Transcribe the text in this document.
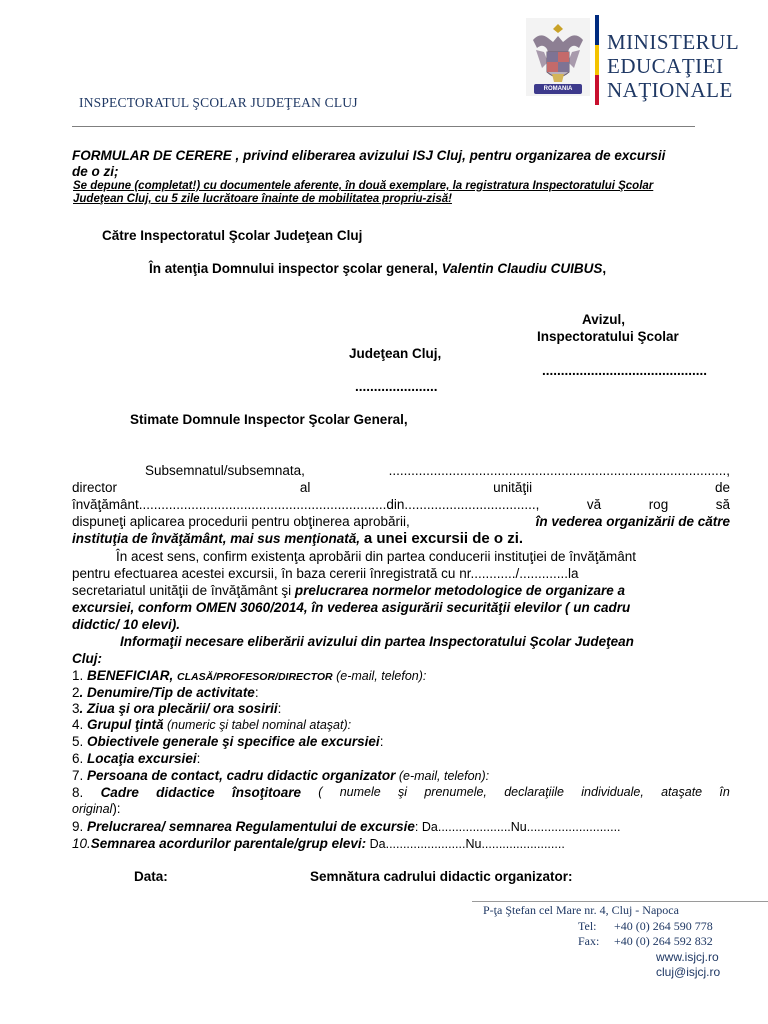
INSPECTORATUL ŞCOLAR JUDEŢEAN CLUJ
ROMANIA
MINISTERUL
EDUCAŢIEI
NAŢIONALE
FORMULAR DE CERERE , privind eliberarea avizului ISJ Cluj, pentru organizarea de excursii
de o zi;
Se depune (completat!) cu documentele aferente, în două exemplare, la registratura Inspectoratului Şcolar
Judeţean Cluj, cu 5 zile lucrătoare înainte de mobilitatea propriu-zisă!
Către Inspectoratul Şcolar Judeţean Cluj
În atenţia Domnului inspector şcolar general, Valentin Claudiu CUIBUS,
Avizul,
Inspectoratului Şcolar
Judeţean Cluj,
............................................
......................
Stimate Domnule Inspector Şcolar General,
Subsemnatul/subsemnata,	..........................................................................................,
director	al	unităţii	de
învăţământ..................................................................din...................................,	vă	rog	să
dispuneţi aplicarea procedurii pentru obţinerea aprobării,	în vederea organizării de către
instituţia de învăţământ, mai sus menţionată, a unei excursii de o zi.
În acest sens, confirm existenţa aprobării din partea conducerii instituţiei de învăţământ
pentru efectuarea acestei excursii, în baza cererii înregistrată cu nr............/.............la
secretariatul unităţii de învăţământ şi prelucrarea normelor metodologice de organizare a
excursiei, conform OMEN 3060/2014, în vederea asigurării securităţii elevilor ( un cadru
didctic/ 10 elevi).
Informaţii necesare eliberării avizului din partea Inspectoratului Şcolar Judeţean
Cluj:
1. BENEFICIAR, CLASĂ/PROFESOR/DIRECTOR (e-mail, telefon):
2. Denumire/Tip de activitate:
3. Ziua şi ora plecării/ ora sosirii:
4. Grupul ţintă (numeric şi tabel nominal ataşat):
5. Obiectivele generale şi specifice ale excursiei:
6. Locaţia excursiei:
7. Persoana de contact, cadru didactic organizator (e-mail, telefon):
8. Cadre didactice însoţitoare ( numele şi prenumele, declaraţiile individuale, ataşate în
original):
9. Prelucrarea/ semnarea Regulamentului de excursie: Da.....................Nu...........................
10.Semnarea acordurilor parentale/grup elevi: Da.......................Nu........................
Data:	Semnătura cadrului didactic organizator:
P-ţa Ştefan cel Mare nr. 4, Cluj - Napoca
Tel: +40 (0) 264 590 778
Fax: +40 (0) 264 592 832
www.isjcj.ro
cluj@isjcj.ro
